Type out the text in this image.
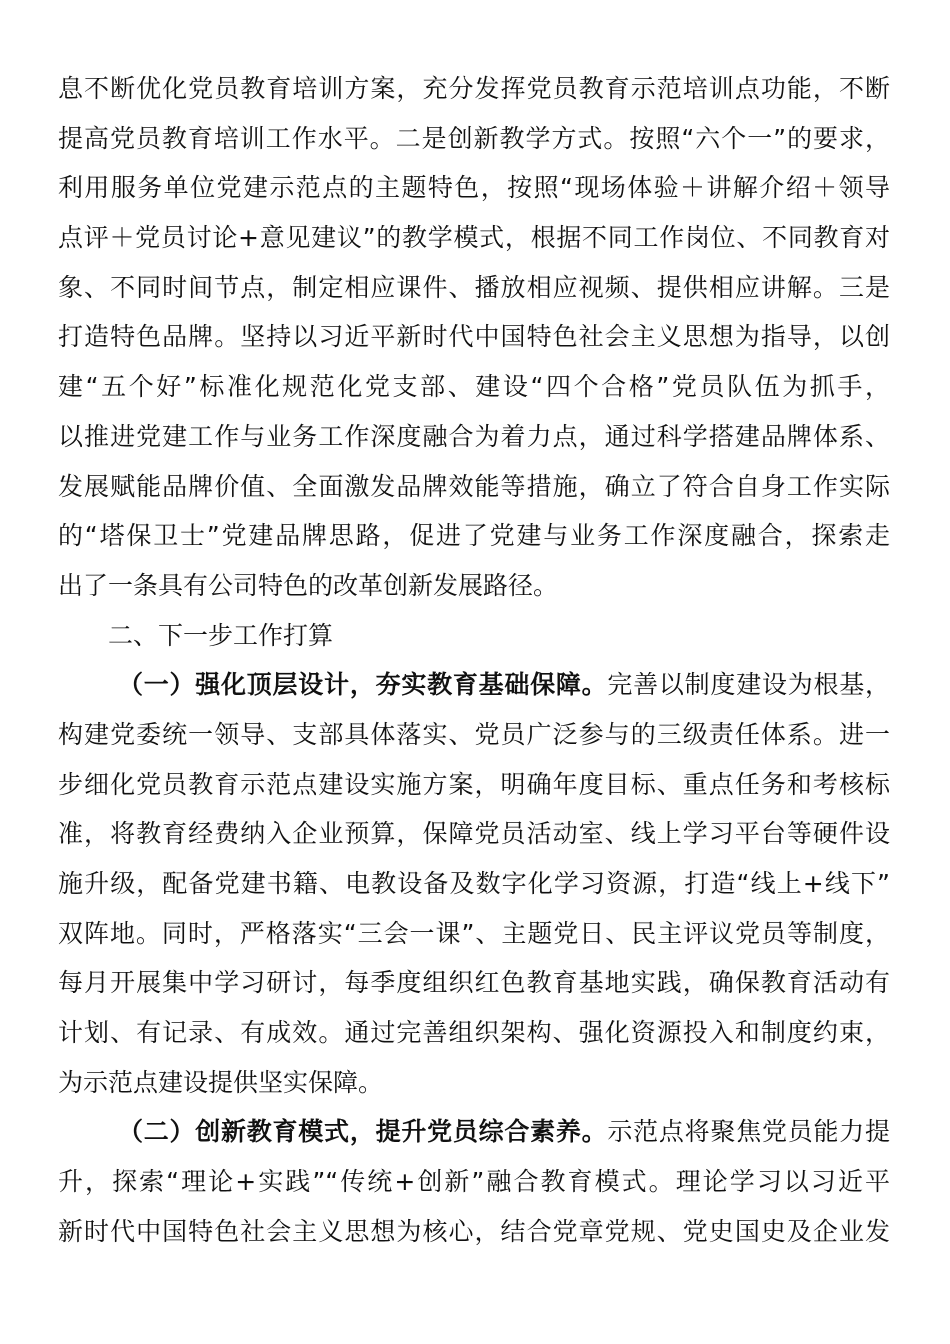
息不断优化党员教育培训方案，充分发挥党员教育示范培训点功能，不断
提高党员教育培训工作水平。二是创新教学方式。按照“六个一”的要求，
利用服务单位党建示范点的主题特色，按照“现场体验＋讲解介绍＋领导
点评＋党员讨论+意见建议”的教学模式，根据不同工作岗位、不同教育对
象、不同时间节点，制定相应课件、播放相应视频、提供相应讲解。三是
打造特色品牌。坚持以习近平新时代中国特色社会主义思想为指导，以创
建“五个好”标准化规范化党支部、建设“四个合格”党员队伍为抓手，
以推进党建工作与业务工作深度融合为着力点，通过科学搭建品牌体系、
发展赋能品牌价值、全面激发品牌效能等措施，确立了符合自身工作实际
的“塔保卫士”党建品牌思路，促进了党建与业务工作深度融合，探索走
出了一条具有公司特色的改革创新发展路径。
二、下一步工作打算
（一）强化顶层设计，夯实教育基础保障。完善以制度建设为根基，
构建党委统一领导、支部具体落实、党员广泛参与的三级责任体系。进一
步细化党员教育示范点建设实施方案，明确年度目标、重点任务和考核标
准，将教育经费纳入企业预算，保障党员活动室、线上学习平台等硬件设
施升级，配备党建书籍、电教设备及数字化学习资源，打造“线上+线下”
双阵地。同时，严格落实“三会一课”、主题党日、民主评议党员等制度，
每月开展集中学习研讨，每季度组织红色教育基地实践，确保教育活动有
计划、有记录、有成效。通过完善组织架构、强化资源投入和制度约束，
为示范点建设提供坚实保障。
（二）创新教育模式，提升党员综合素养。示范点将聚焦党员能力提
升，探索“理论+实践”“传统+创新”融合教育模式。理论学习以习近平
新时代中国特色社会主义思想为核心，结合党章党规、党史国史及企业发
